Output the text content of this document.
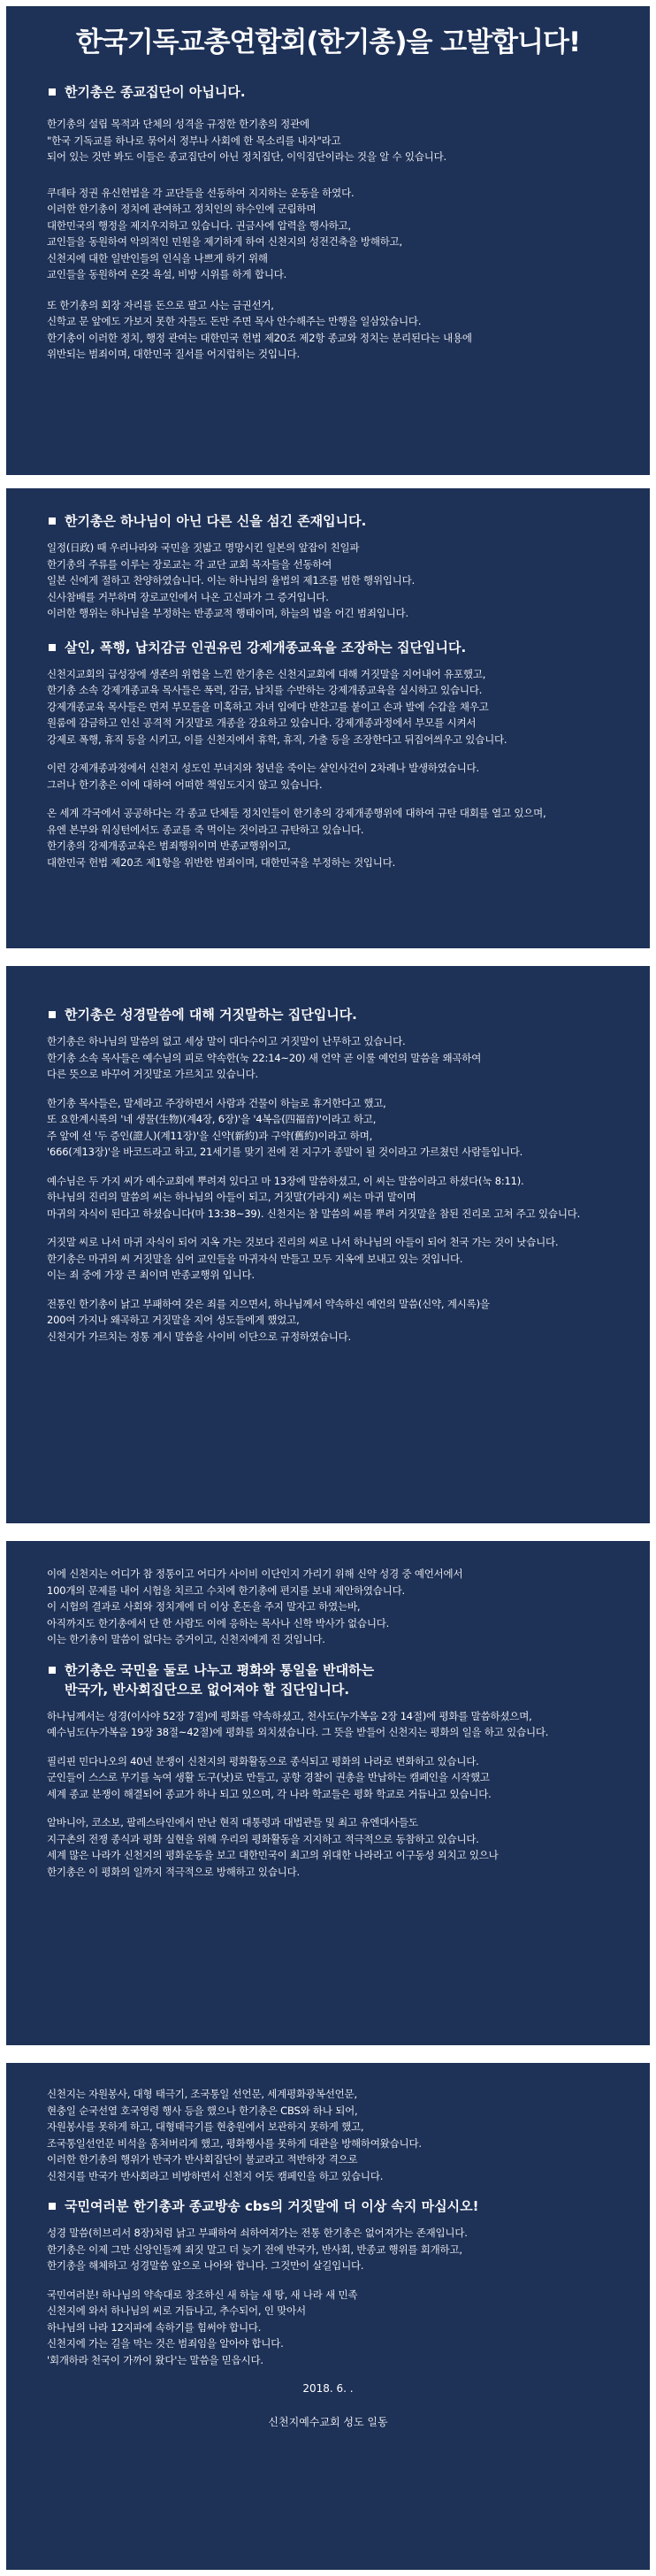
한국기독교총연합회(한기총)을 고발합니다!
한기총은 종교집단이 아닙니다.

한기총의 설립 목적과 단체의 성격을 규정한 한기총의 정관에
"한국 기독교를 하나로 묶어서 정부나 사회에 한 목소리를 내자"라고
되어 있는 것만 봐도 이들은 종교집단이 아닌 정치집단, 이익집단이라는 것을 알 수 있습니다.

쿠데타 정권 유신헌법을 각 교단들을 선동하여 지지하는 운동을 하였다.
이러한 한기총이 정치에 관여하고 정치인의 하수인에 군림하며
대한민국의 행정을 제지우지하고 있습니다. 권금사에 압력을 행사하고,
교인들을 동원하여 악의적인 민원을 제기하게 하여 신천지의 성전건축을 방해하고,
신천지에 대한 일반인들의 인식을 나쁘게 하기 위해
교인들을 동원하여 온갖 욕설, 비방 시위를 하게 합니다.

또 한기총의 회장 자리를 돈으로 팔고 사는 금권선거,
신학교 문 앞에도 가보지 못한 자들도 돈만 주면 목사 안수해주는 만행을 일삼았습니다.
한기총이 이러한 정치, 행정 관여는 대한민국 헌법 제20조 제2항 종교와 정치는 분리된다는 내용에
위반되는 범죄이며, 대한민국 질서를 어지럽히는 것입니다.

한기총은 하나님이 아닌 다른 신을 섬긴 존재입니다.

일정(日政) 때 우리나라와 국민을 짓밟고 명망시킨 일본의 앞잡이 친일파
한기총의 주류를 이루는 장로교는 각 교단 교회 목자들을 선동하여
일본 신에게 절하고 찬양하였습니다. 이는 하나님의 율법의 제1조를 범한 행위입니다.
신사참배를 거부하며 장로교인에서 나온 고신파가 그 증거입니다.
이러한 행위는 하나님을 부정하는 반종교적 행태이며, 하늘의 법을 어긴 범죄입니다.

살인, 폭행, 납치감금 인권유린 강제개종교육을 조장하는 집단입니다.

신천지교회의 급성장에 생존의 위협을 느낀 한기총은 신천지교회에 대해 거짓말을 지어내어 유포했고,
한기총 소속 강제개종교육 목사들은 폭력, 감금, 납치를 수반하는 강제개종교육을 실시하고 있습니다.
강제개종교육 목사들은 먼저 부모들을 미혹하고 자녀 입에다 반찬고를 붙이고 손과 발에 수갑을 채우고
원룸에 감금하고 인신 공격적 거짓말로 개종을 강요하고 있습니다. 강제개종과정에서 부모를 시켜서
강제로 폭행, 휴직 등을 시키고, 이를 신천지에서 휴학, 휴직, 가출 등을 조장한다고 뒤집어씌우고 있습니다.

이런 강제개종과정에서 신천지 성도인 부녀지와 청년을 죽이는 살인사건이 2차례나 발생하였습니다.
그러나 한기총은 이에 대하여 어떠한 책임도지지 않고 있습니다.

온 세계 각국에서 공공하다는 각 종교 단체들 정치인들이 한기총의 강제개종행위에 대하여 규탄 대회를 열고 있으며,
유엔 본부와 워싱턴에서도 종교를 죽 먹이는 것이라고 규탄하고 있습니다.
한기총의 강제개종교육은 범죄행위이며 반종교행위이고,
대한민국 헌법 제20조 제1항을 위반한 범죄이며, 대한민국을 부정하는 것입니다.

한기총은 성경말씀에 대해 거짓말하는 집단입니다.

한기총은 하나님의 말씀의 없고 세상 말이 대다수이고 거짓말이 난무하고 있습니다.
한기총 소속 목사들은 예수님의 피로 약속한(눅 22:14~20) 새 언약 곧 이룰 예언의 말씀을 왜곡하여
다른 뜻으로 바꾸어 거짓말로 가르치고 있습니다.

한기총 목사들은, 말세라고 주장하면서 사람과 건물이 하늘로 휴거한다고 했고,
또 요한계시록의 '네 생물(生物)(계4장, 6장)'을 '4복음(四福音)'이라고 하고,
주 앞에 선 '두 증인(證人)(계11장)'을 신약(新約)과 구약(舊約)이라고 하며,
'666(계13장)'을 바코드라고 하고, 21세기를 맞기 전에 전 지구가 종말이 될 것이라고 가르쳤던 사람들입니다.

예수님은 두 가지 씨가 예수교회에 뿌려져 있다고 마 13장에 말씀하셨고, 이 씨는 말씀이라고 하셨다(눅 8:11).
하나님의 진리의 말씀의 씨는 하나님의 아들이 되고, 거짓말(가라지) 씨는 마귀 말이며
마귀의 자식이 된다고 하셨습니다(마 13:38~39). 신천지는 참 말씀의 씨를 뿌려 거짓말을 참된 진리로 고쳐 주고 있습니다.

거짓말 씨로 나서 마귀 자식이 되어 지옥 가는 것보다 진리의 씨로 나서 하나님의 아들이 되어 천국 가는 것이 낫습니다.
한기총은 마귀의 씨 거짓말을 심어 교인들을 마귀자식 만들고 모두 지옥에 보내고 있는 것입니다.
이는 죄 중에 가장 큰 최이며 반종교행위 입니다.

전통인 한기총이 낡고 부패하여 갖은 죄를 지으면서, 하나님께서 약속하신 예언의 말씀(신약, 계시록)을
200여 가지나 왜곡하고 거짓말을 지어 성도들에게 했었고,
신천지가 가르치는 정통 계시 말씀을 사이비 이단으로 규정하였습니다.

이에 신천지는 어디가 참 정통이고 어디가 사이비 이단인지 가리기 위해 신약 성경 중 예언서에서
100개의 문제를 내어 시험을 치르고 수치에 한기총에 편지를 보내 제안하였습니다.
이 시험의 결과로 사회와 정치계에 더 이상 혼돈을 주지 말자고 하였는바,
아직까지도 한기총에서 단 한 사람도 이에 응하는 목사나 신학 박사가 없습니다.
이는 한기총이 말씀이 없다는 증거이고, 신천지에게 진 것입니다.

한기총은 국민을 둘로 나누고 평화와 통일을 반대하는
반국가, 반사회집단으로 없어져야 할 집단입니다.

하나님께서는 성경(이사야 52장 7절)에 평화를 약속하셨고, 천사도(누가복음 2장 14절)에 평화를 말씀하셨으며,
예수님도(누가복음 19장 38절~42절)에 평화를 외치셨습니다. 그 뜻을 받들어 신천지는 평화의 일을 하고 있습니다.

필리핀 민다나오의 40년 분쟁이 신천지의 평화활동으로 종식되고 평화의 나라로 변화하고 있습니다.
군인들이 스스로 무기를 녹여 생활 도구(낫)로 만들고, 공항 경찰이 권총을 반납하는 캠페인을 시작했고
세계 종교 분쟁이 해결되어 종교가 하나 되고 있으며, 각 나라 학교들은 평화 학교로 거듭나고 있습니다.

알바니아, 코소보, 팔레스타인에서 만난 현직 대통령과 대법관들 및 최고 유엔대사들도
지구촌의 전쟁 종식과 평화 실현을 위해 우리의 평화활동을 지지하고 적극적으로 동참하고 있습니다.
세계 많은 나라가 신천지의 평화운동을 보고 대한민국이 최고의 위대한 나라라고 이구동성 외치고 있으나
한기총은 이 평화의 일까지 적극적으로 방해하고 있습니다.

신천지는 자원봉사, 대형 태극기, 조국통일 선언문, 세계평화광복선언문,
현충일 순국선열 호국영령 행사 등을 했으나 한기총은 CBS와 하나 되어,
자원봉사를 못하게 하고, 대형태극기를 현충원에서 보관하지 못하게 했고,
조국통일선언문 비석을 훔쳐버리게 했고, 평화행사를 못하게 대관을 방해하여왔습니다.
이러한 한기총의 행위가 반국가 반사회집단이 불교라고 적반하장 격으로
신천지를 반국가 반사회라고 비방하면서 신천지 어듯 캠페인을 하고 있습니다.

국민여러분 한기총과 종교방송 cbs의 거짓말에 더 이상 속지 마십시오!

성경 말씀(히브리서 8장)처럼 낡고 부패하여 쇠하여져가는 전통 한기총은 없어져가는 존재입니다.
한기총은 이제 그만 신앙인들께 죄짓 말고 더 늦기 전에 반국가, 반사회, 반종교 행위를 회개하고,
한기총을 해체하고 성경말씀 앞으로 나아와 합니다. 그것만이 살길입니다.

국민여러분! 하나님의 약속대로 창조하신 새 하늘 새 땅, 새 나라 새 민족
신천지에 와서 하나님의 씨로 거듭나고, 추수되어, 인 맞아서
하나님의 나라 12지파에 속하기를 힘써야 합니다.
신천지에 가는 길을 막는 것은 범죄임을 알아야 합니다.
'회개하라 천국이 가까이 왔다'는 말씀을 믿읍시다.

2018. 6. .
신천지예수교회 성도 일동
